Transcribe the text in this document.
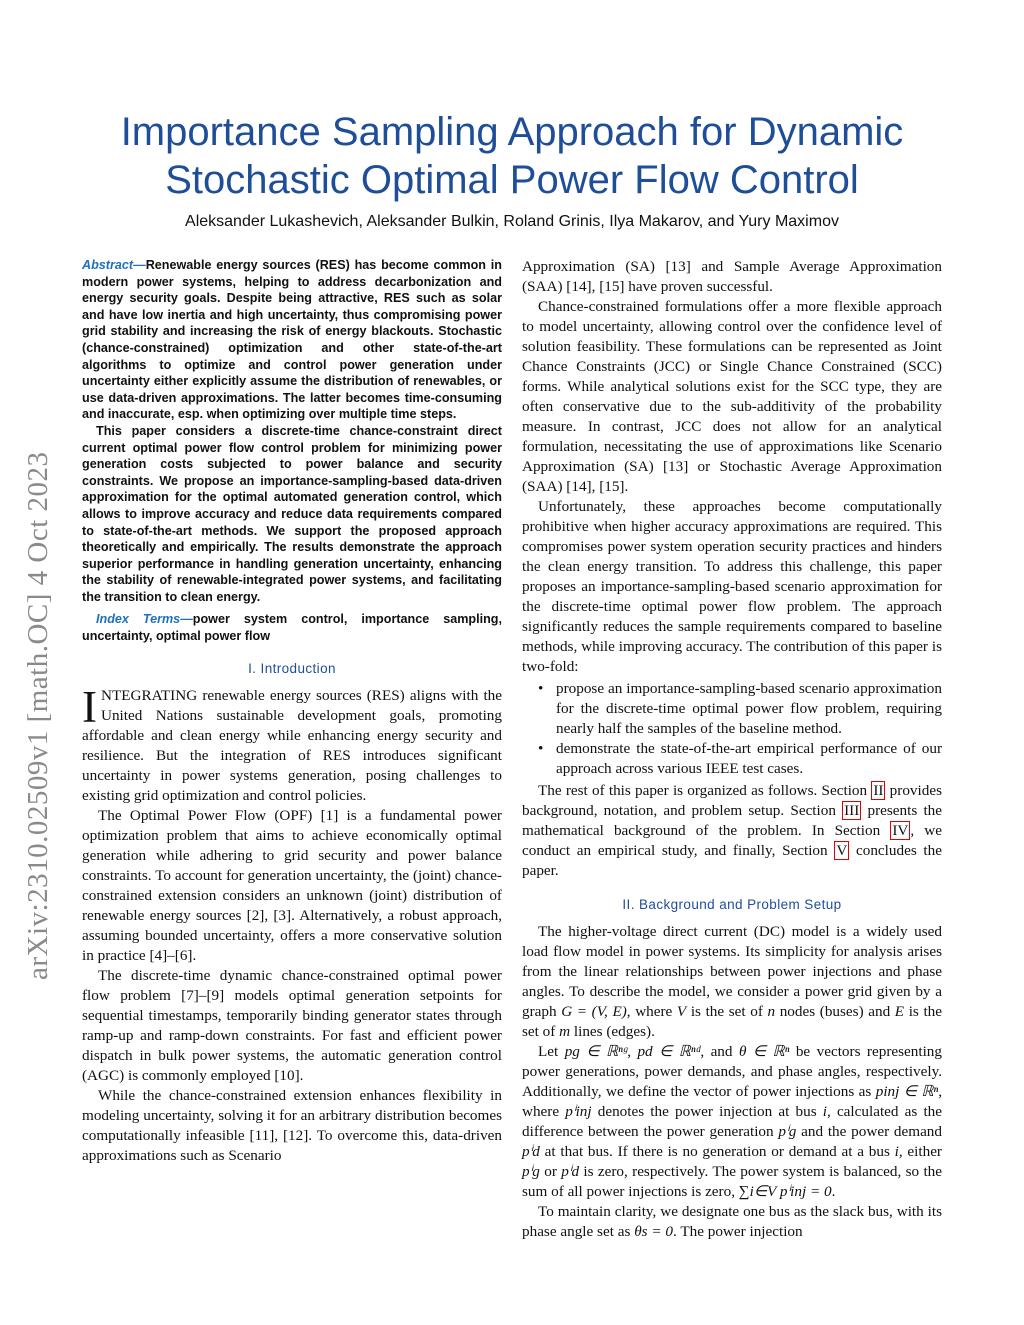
Importance Sampling Approach for Dynamic
Stochastic Optimal Power Flow Control
Aleksander Lukashevich, Aleksander Bulkin, Roland Grinis, Ilya Makarov, and Yury Maximov
arXiv:2310.02509v1 [math.OC] 4 Oct 2023

Abstract—Renewable energy sources (RES) has become common in modern power systems, helping to address decarbonization and energy security goals. Despite being attractive, RES such as solar and have low inertia and high uncertainty, thus compromising power grid stability and increasing the risk of energy blackouts. Stochastic (chance-constrained) optimization and other state-of-the-art algorithms to optimize and control power generation under uncertainty either explicitly assume the distribution of renewables, or use data-driven approximations. The latter becomes time-consuming and inaccurate, esp. when optimizing over multiple time steps.

This paper considers a discrete-time chance-constraint direct current optimal power flow control problem for minimizing power generation costs subjected to power balance and security constraints. We propose an importance-sampling-based data-driven approximation for the optimal automated generation control, which allows to improve accuracy and reduce data requirements compared to state-of-the-art methods. We support the proposed approach theoretically and empirically. The results demonstrate the approach superior performance in handling generation uncertainty, enhancing the stability of renewable-integrated power systems, and facilitating the transition to clean energy.

Index Terms—power system control, importance sampling, uncertainty, optimal power flow

I. Introduction

INTEGRATING renewable energy sources (RES) aligns with the United Nations sustainable development goals, promoting affordable and clean energy while enhancing energy security and resilience. But the integration of RES introduces significant uncertainty in power systems generation, posing challenges to existing grid optimization and control policies.

The Optimal Power Flow (OPF) [1] is a fundamental power optimization problem that aims to achieve economically optimal generation while adhering to grid security and power balance constraints. To account for generation uncertainty, the (joint) chance-constrained extension considers an unknown (joint) distribution of renewable energy sources [2], [3]. Alternatively, a robust approach, assuming bounded uncertainty, offers a more conservative solution in practice [4]–[6].

The discrete-time dynamic chance-constrained optimal power flow problem [7]–[9] models optimal generation setpoints for sequential timestamps, temporarily binding generator states through ramp-up and ramp-down constraints. For fast and efficient power dispatch in bulk power systems, the automatic generation control (AGC) is commonly employed [10].

While the chance-constrained extension enhances flexibility in modeling uncertainty, solving it for an arbitrary distribution becomes computationally infeasible [11], [12]. To overcome this, data-driven approximations such as Scenario

Approximation (SA) [13] and Sample Average Approximation (SAA) [14], [15] have proven successful.

Chance-constrained formulations offer a more flexible approach to model uncertainty, allowing control over the confidence level of solution feasibility. These formulations can be represented as Joint Chance Constraints (JCC) or Single Chance Constrained (SCC) forms. While analytical solutions exist for the SCC type, they are often conservative due to the sub-additivity of the probability measure. In contrast, JCC does not allow for an analytical formulation, necessitating the use of approximations like Scenario Approximation (SA) [13] or Stochastic Average Approximation (SAA) [14], [15].

Unfortunately, these approaches become computationally prohibitive when higher accuracy approximations are required. This compromises power system operation security practices and hinders the clean energy transition. To address this challenge, this paper proposes an importance-sampling-based scenario approximation for the discrete-time optimal power flow problem. The approach significantly reduces the sample requirements compared to baseline methods, while improving accuracy. The contribution of this paper is two-fold:

• propose an importance-sampling-based scenario approximation for the discrete-time optimal power flow problem, requiring nearly half the samples of the baseline method.
• demonstrate the state-of-the-art empirical performance of our approach across various IEEE test cases.

The rest of this paper is organized as follows. Section II provides background, notation, and problem setup. Section III presents the mathematical background of the problem. In Section IV , we conduct an empirical study, and finally, Section V concludes the paper.

II. Background and Problem Setup

The higher-voltage direct current (DC) model is a widely used load flow model in power systems. Its simplicity for analysis arises from the linear relationships between power injections and phase angles. To describe the model, we consider a power grid given by a graph G = (V, E), where V is the set of n nodes (buses) and E is the set of m lines (edges).

Let pg ∈ ℝⁿᵍ, pd ∈ ℝⁿᵈ, and θ ∈ ℝⁿ be vectors representing power generations, power demands, and phase angles, respectively. Additionally, we define the vector of power injections as pinj ∈ ℝⁿ, where pⁱinj denotes the power injection at bus i, calculated as the difference between the power generation pⁱg and the power demand pⁱd at that bus. If there is no generation or demand at a bus i, either pⁱg or pⁱd is zero, respectively. The power system is balanced, so the sum of all power injections is zero, ∑i∈V pⁱinj = 0.

To maintain clarity, we designate one bus as the slack bus, with its phase angle set as θs = 0. The power injection
